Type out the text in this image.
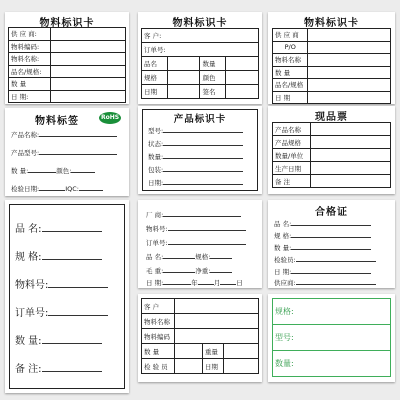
物料标识卡
供 应 商:	
物料编码:	
物料名称:	
品名/规格:	
数 量	
日 期:	
物料标识卡
客 户:			
订单号:			
品名		数量	
规格		颜色	
日期		签名	
物料标识卡
供 应 商	
P/O	
物料名称	
数 量	
品名/规格	
日 期	
物料标签	RoHS
产品名称:
产品型号:
数 量:	颜色:
检验日期:	IQC:
产品标识卡
型号:
状态:
数量:
包装:
日期:
现品票
产品名称	
产品规格	
数量/单位	
生产日期	
备 注	
品 名:
规 格:
物料号:
订单号:
数 量:
备 注:
厂 商:
物料号:
订单号:
品 名:	规格:
毛 重:	净重:
日 期:	年 月 日
合格证
品 名:
规 格:
数 量:
检验员:
日 期:
供应商:
客 户			
物料名称			
物料编码			
数 量		重量	
检 验 员		日期	
规格:
型号:
数量:
